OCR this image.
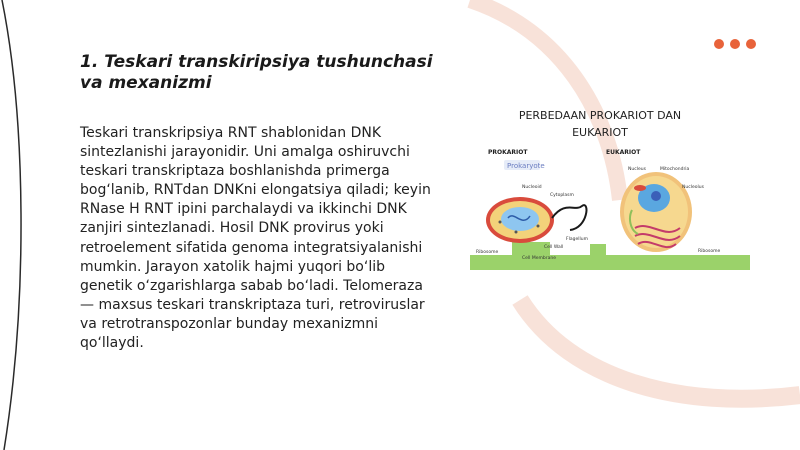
1. Teskari transkiripsiya tushunchasi va mexanizmi
Teskari transkripsiya RNT shablonidan DNK sintezlanishi jarayonidir. Uni amalga oshiruvchi teskari transkriptaza boshlanishda primerga bog‘lanib, RNTdan DNKni elongatsiya qiladi; keyin RNase H RNT ipini parchalaydi va ikkinchi DNK zanjiri sintezlanadi. Hosil DNK provirus yoki retroelement sifatida genoma integratsiyalanishi mumkin. Jarayon xatolik hajmi yuqori bo‘lib genetik o‘zgarishlarga sabab bo‘ladi. Telomeraza — maxsus teskari transkriptaza turi, retroviruslar va retrotranspozonlar bunday mexanizmni qo‘llaydi.
PERBEDAAN PROKARIOT DAN EUKARIOT
PROKARIOT
Prokaryote
Nucleoid
Cytoplasm
Flagellum
Cell Wall
Cell Membrane
Ribosome
EUKARIOT
Nucleus	Mitochondria
Nucleolus
Ribosome
